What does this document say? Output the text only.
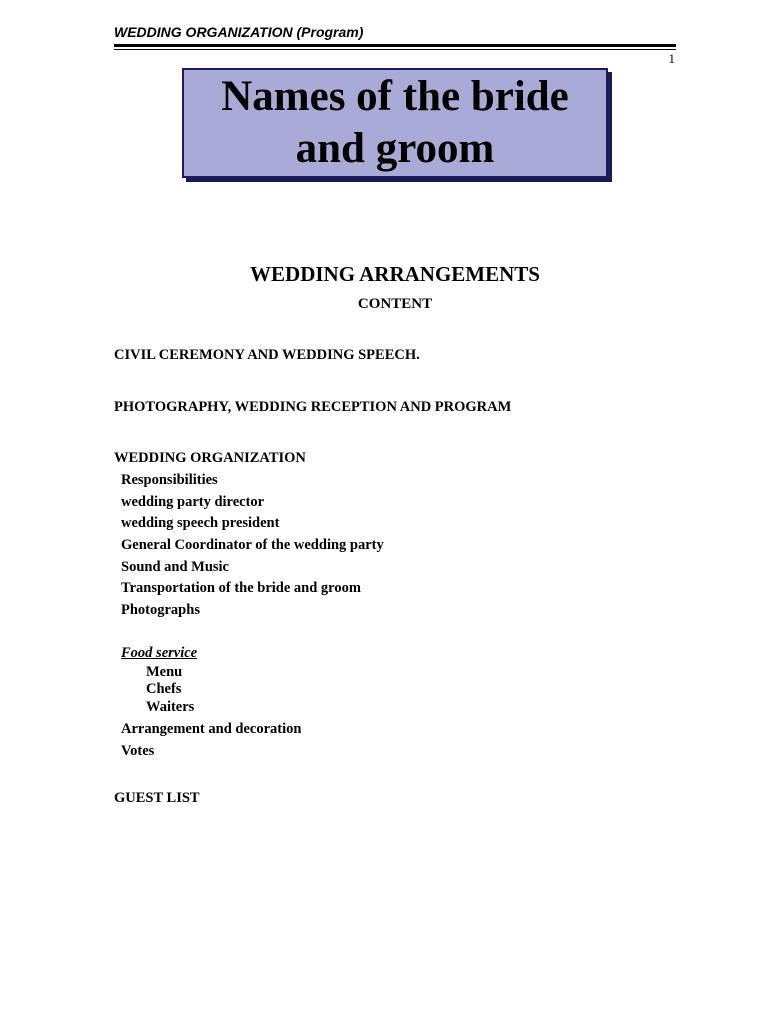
WEDDING ORGANIZATION (Program)
1
Names of the bride and groom
WEDDING ARRANGEMENTS
CONTENT
CIVIL CEREMONY AND WEDDING SPEECH.
PHOTOGRAPHY, WEDDING RECEPTION AND PROGRAM
WEDDING ORGANIZATION
Responsibilities
wedding party director
wedding speech president
General Coordinator of the wedding party
Sound and Music
Transportation of the bride and groom
Photographs
Food service
Menu
Chefs
Waiters
Arrangement and decoration
Votes
GUEST LIST
